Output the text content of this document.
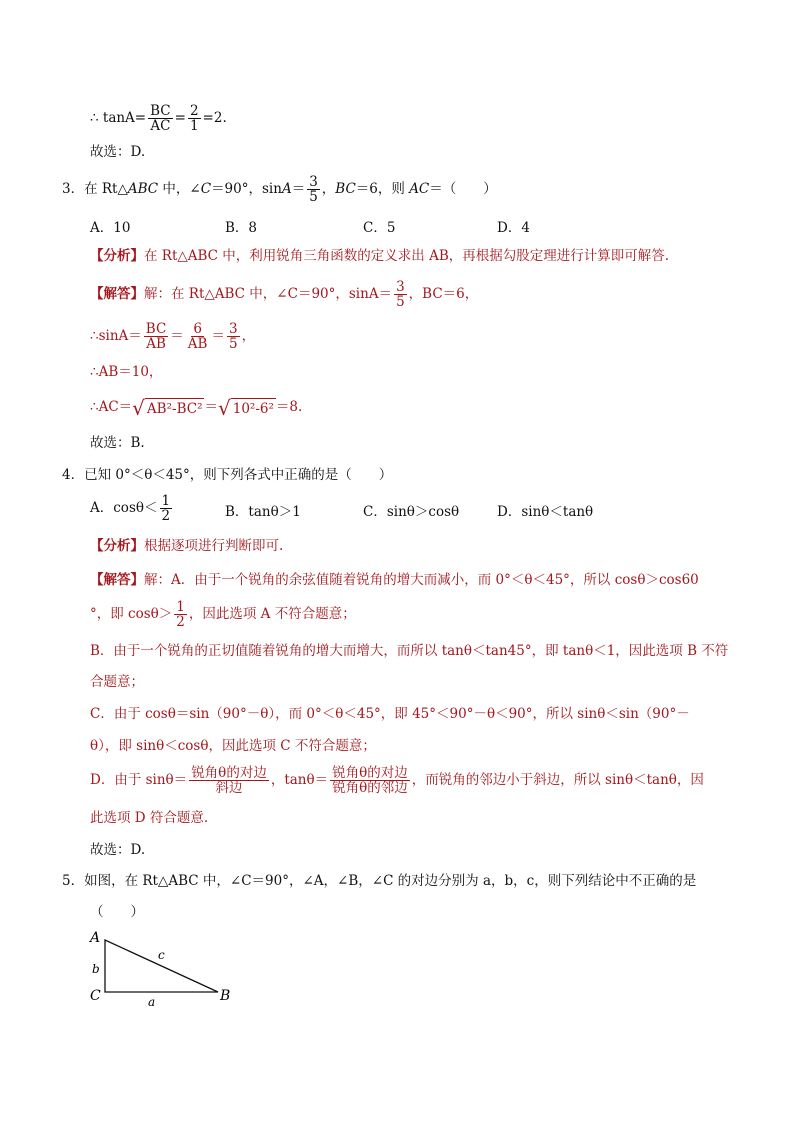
∴ $\tan A= \frac{BC}{AC} = \frac{2}{1} =2$.
故选：D.
3．在 Rt△ABC 中，∠C＝90°，$\sin A= \frac{3}{5}$ ，BC＝6，则 AC＝（　　）
A．10	B．8	C．5	D．4
【分析】在 Rt△ABC 中，利用锐角三角函数的定义求出 AB，再根据勾股定理进行计算即可解答.
【解答】解：在 Rt△ABC 中，∠C＝90°，$\sin A= \frac{3}{5}$ ，BC＝6，
∴sinA＝ $\frac{BC}{AB} = \frac{6}{AB} = \frac{3}{5}$ ，
∴AB＝10，
∴AC＝√ AB²-BC² ＝√ 10²-6² ＝8.
故选：B.
4．已知 0°＜θ＜45°，则下列各式中正确的是（　　）
A．$\cos\theta< \frac{1}{2}$	B．tanθ＞1	C．sinθ＞cosθ	D．sinθ＜tanθ
【分析】根据逐项进行判断即可.
【解答】解：A．由于一个锐角的余弦值随着锐角的增大而减小，而 0°＜θ＜45°，所以 cosθ＞cos60
°，即 $\cos\theta> \frac{1}{2}$ ，因此选项 A 不符合题意；
B．由于一个锐角的正切值随着锐角的增大而增大，而所以 tanθ＜tan45°，即 tanθ＜1，因此选项 B 不符
合题意；
C．由于 cosθ＝sin（90°－θ），而 0°＜θ＜45°，即 45°＜90°－θ＜90°，所以 sinθ＜sin（90°－
θ），即 sinθ＜cosθ，因此选项 C 不符合题意；
D．由于 $\sin\theta= \frac{\text{锐角θ的对边}}{\text{斜边}}$ ，$\tan\theta= \frac{\text{锐角θ的对边}}{\text{锐角θ的邻边}}$ ，而锐角的邻边小于斜边，所以 sinθ＜tanθ，因
此选项 D 符合题意.
故选：D.
5．如图，在 Rt△ABC 中，∠C＝90°，∠A，∠B，∠C 的对边分别为 a，b，c，则下列结论中不正确的是
（　　）
A
C	B
b
c
a
